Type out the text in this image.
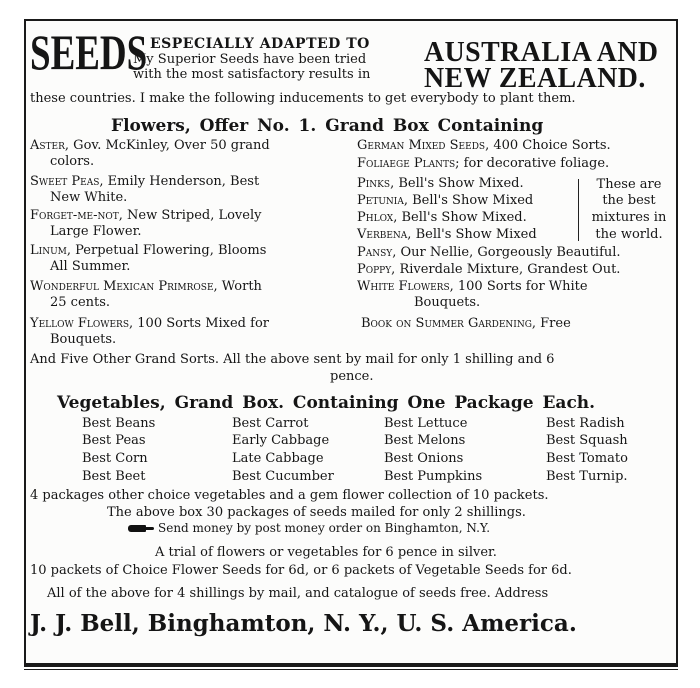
SEEDS ESPECIALLY ADAPTED TO
My Superior Seeds have been tried
with the most satisfactory results in
AUSTRALIA AND
NEW ZEALAND.
these countries. I make the following inducements to get everybody to plant them.
Flowers, Offer No. 1. Grand Box Containing
Aster, Gov. McKinley, Over 50 grand
colors.
Sweet Peas, Emily Henderson, Best
New White.
Forget-me-not, New Striped, Lovely
Large Flower.
Linum, Perpetual Flowering, Blooms
All Summer.
Wonderful Mexican Primrose, Worth
25 cents.
Yellow Flowers, 100 Sorts Mixed for
Bouquets.
German Mixed Seeds, 400 Choice Sorts.
Foliaege Plants; for decorative foliage.
Pinks, Bell's Show Mixed.
Petunia, Bell's Show Mixed
Phlox, Bell's Show Mixed.
Verbena, Bell's Show Mixed
These are
the best
mixtures in
the world.
Pansy, Our Nellie, Gorgeously Beautiful.
Poppy, Riverdale Mixture, Grandest Out.
White Flowers, 100 Sorts for White
Bouquets.
Book on Summer Gardening, Free
And Five Other Grand Sorts. All the above sent by mail for only 1 shilling and 6
pence.
Vegetables, Grand Box. Containing One Package Each.
Best Beans
Best Peas
Best Corn
Best Beet
Best Carrot
Early Cabbage
Late Cabbage
Best Cucumber
Best Lettuce
Best Melons
Best Onions
Best Pumpkins
Best Radish
Best Squash
Best Tomato
Best Turnip.
4 packages other choice vegetables and a gem flower collection of 10 packets.
The above box 30 packages of seeds mailed for only 2 shillings.
Send money by post money order on Binghamton, N.Y.
A trial of flowers or vegetables for 6 pence in silver.
10 packets of Choice Flower Seeds for 6d, or 6 packets of Vegetable Seeds for 6d.
All of the above for 4 shillings by mail, and catalogue of seeds free. Address
J. J. Bell, Binghamton, N. Y., U. S. America.
